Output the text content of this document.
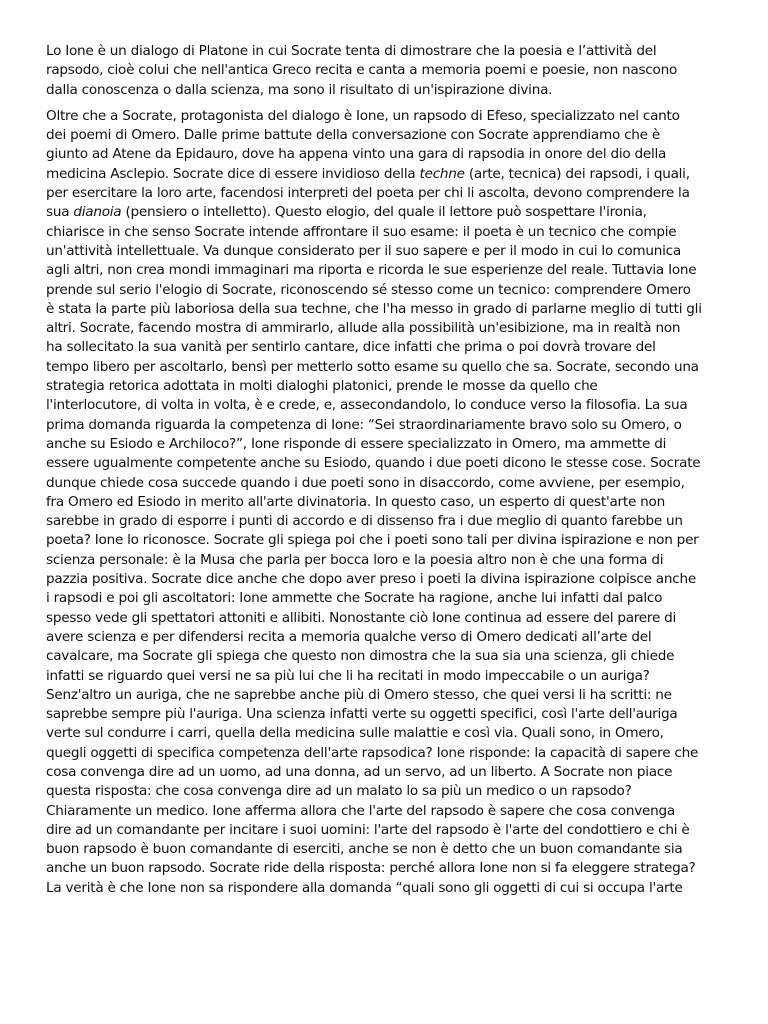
Lo Ione è un dialogo di Platone in cui Socrate tenta di dimostrare che la poesia e l’attività del
rapsodo, cioè colui che nell'antica Greco recita e canta a memoria poemi e poesie, non nascono
dalla conoscenza o dalla scienza, ma sono il risultato di un'ispirazione divina.

Oltre che a Socrate, protagonista del dialogo è Ione, un rapsodo di Efeso, specializzato nel canto
dei poemi di Omero. Dalle prime battute della conversazione con Socrate apprendiamo che è
giunto ad Atene da Epidauro, dove ha appena vinto una gara di rapsodia in onore del dio della
medicina Asclepio. Socrate dice di essere invidioso della techne (arte, tecnica) dei rapsodi, i quali,
per esercitare la loro arte, facendosi interpreti del poeta per chi li ascolta, devono comprendere la
sua dianoia (pensiero o intelletto). Questo elogio, del quale il lettore può sospettare l'ironia,
chiarisce in che senso Socrate intende affrontare il suo esame: il poeta è un tecnico che compie
un'attività intellettuale. Va dunque considerato per il suo sapere e per il modo in cui lo comunica
agli altri, non crea mondi immaginari ma riporta e ricorda le sue esperienze del reale. Tuttavia Ione
prende sul serio l'elogio di Socrate, riconoscendo sé stesso come un tecnico: comprendere Omero
è stata la parte più laboriosa della sua techne, che l'ha messo in grado di parlarne meglio di tutti gli
altri. Socrate, facendo mostra di ammirarlo, allude alla possibilità un'esibizione, ma in realtà non
ha sollecitato la sua vanità per sentirlo cantare, dice infatti che prima o poi dovrà trovare del
tempo libero per ascoltarlo, bensì per metterlo sotto esame su quello che sa. Socrate, secondo una
strategia retorica adottata in molti dialoghi platonici, prende le mosse da quello che
l'interlocutore, di volta in volta, è e crede, e, assecondandolo, lo conduce verso la filosofia. La sua
prima domanda riguarda la competenza di Ione: “Sei straordinariamente bravo solo su Omero, o
anche su Esiodo e Archiloco?”, Ione risponde di essere specializzato in Omero, ma ammette di
essere ugualmente competente anche su Esiodo, quando i due poeti dicono le stesse cose. Socrate
dunque chiede cosa succede quando i due poeti sono in disaccordo, come avviene, per esempio,
fra Omero ed Esiodo in merito all'arte divinatoria. In questo caso, un esperto di quest'arte non
sarebbe in grado di esporre i punti di accordo e di dissenso fra i due meglio di quanto farebbe un
poeta? Ione lo riconosce. Socrate gli spiega poi che i poeti sono tali per divina ispirazione e non per
scienza personale: è la Musa che parla per bocca loro e la poesia altro non è che una forma di
pazzia positiva. Socrate dice anche che dopo aver preso i poeti la divina ispirazione colpisce anche
i rapsodi e poi gli ascoltatori: Ione ammette che Socrate ha ragione, anche lui infatti dal palco
spesso vede gli spettatori attoniti e allibiti. Nonostante ciò Ione continua ad essere del parere di
avere scienza e per difendersi recita a memoria qualche verso di Omero dedicati all’arte del
cavalcare, ma Socrate gli spiega che questo non dimostra che la sua sia una scienza, gli chiede
infatti se riguardo quei versi ne sa più lui che li ha recitati in modo impeccabile o un auriga?
Senz'altro un auriga, che ne saprebbe anche più di Omero stesso, che quei versi li ha scritti: ne
saprebbe sempre più l'auriga. Una scienza infatti verte su oggetti specifici, così l'arte dell'auriga
verte sul condurre i carri, quella della medicina sulle malattie e così via. Quali sono, in Omero,
quegli oggetti di specifica competenza dell'arte rapsodica? Ione risponde: la capacità di sapere che
cosa convenga dire ad un uomo, ad una donna, ad un servo, ad un liberto. A Socrate non piace
questa risposta: che cosa convenga dire ad un malato lo sa più un medico o un rapsodo?
Chiaramente un medico. Ione afferma allora che l'arte del rapsodo è sapere che cosa convenga
dire ad un comandante per incitare i suoi uomini: l'arte del rapsodo è l'arte del condottiero e chi è
buon rapsodo è buon comandante di eserciti, anche se non è detto che un buon comandante sia
anche un buon rapsodo. Socrate ride della risposta: perché allora Ione non si fa eleggere stratega?
La verità è che Ione non sa rispondere alla domanda “quali sono gli oggetti di cui si occupa l'arte
